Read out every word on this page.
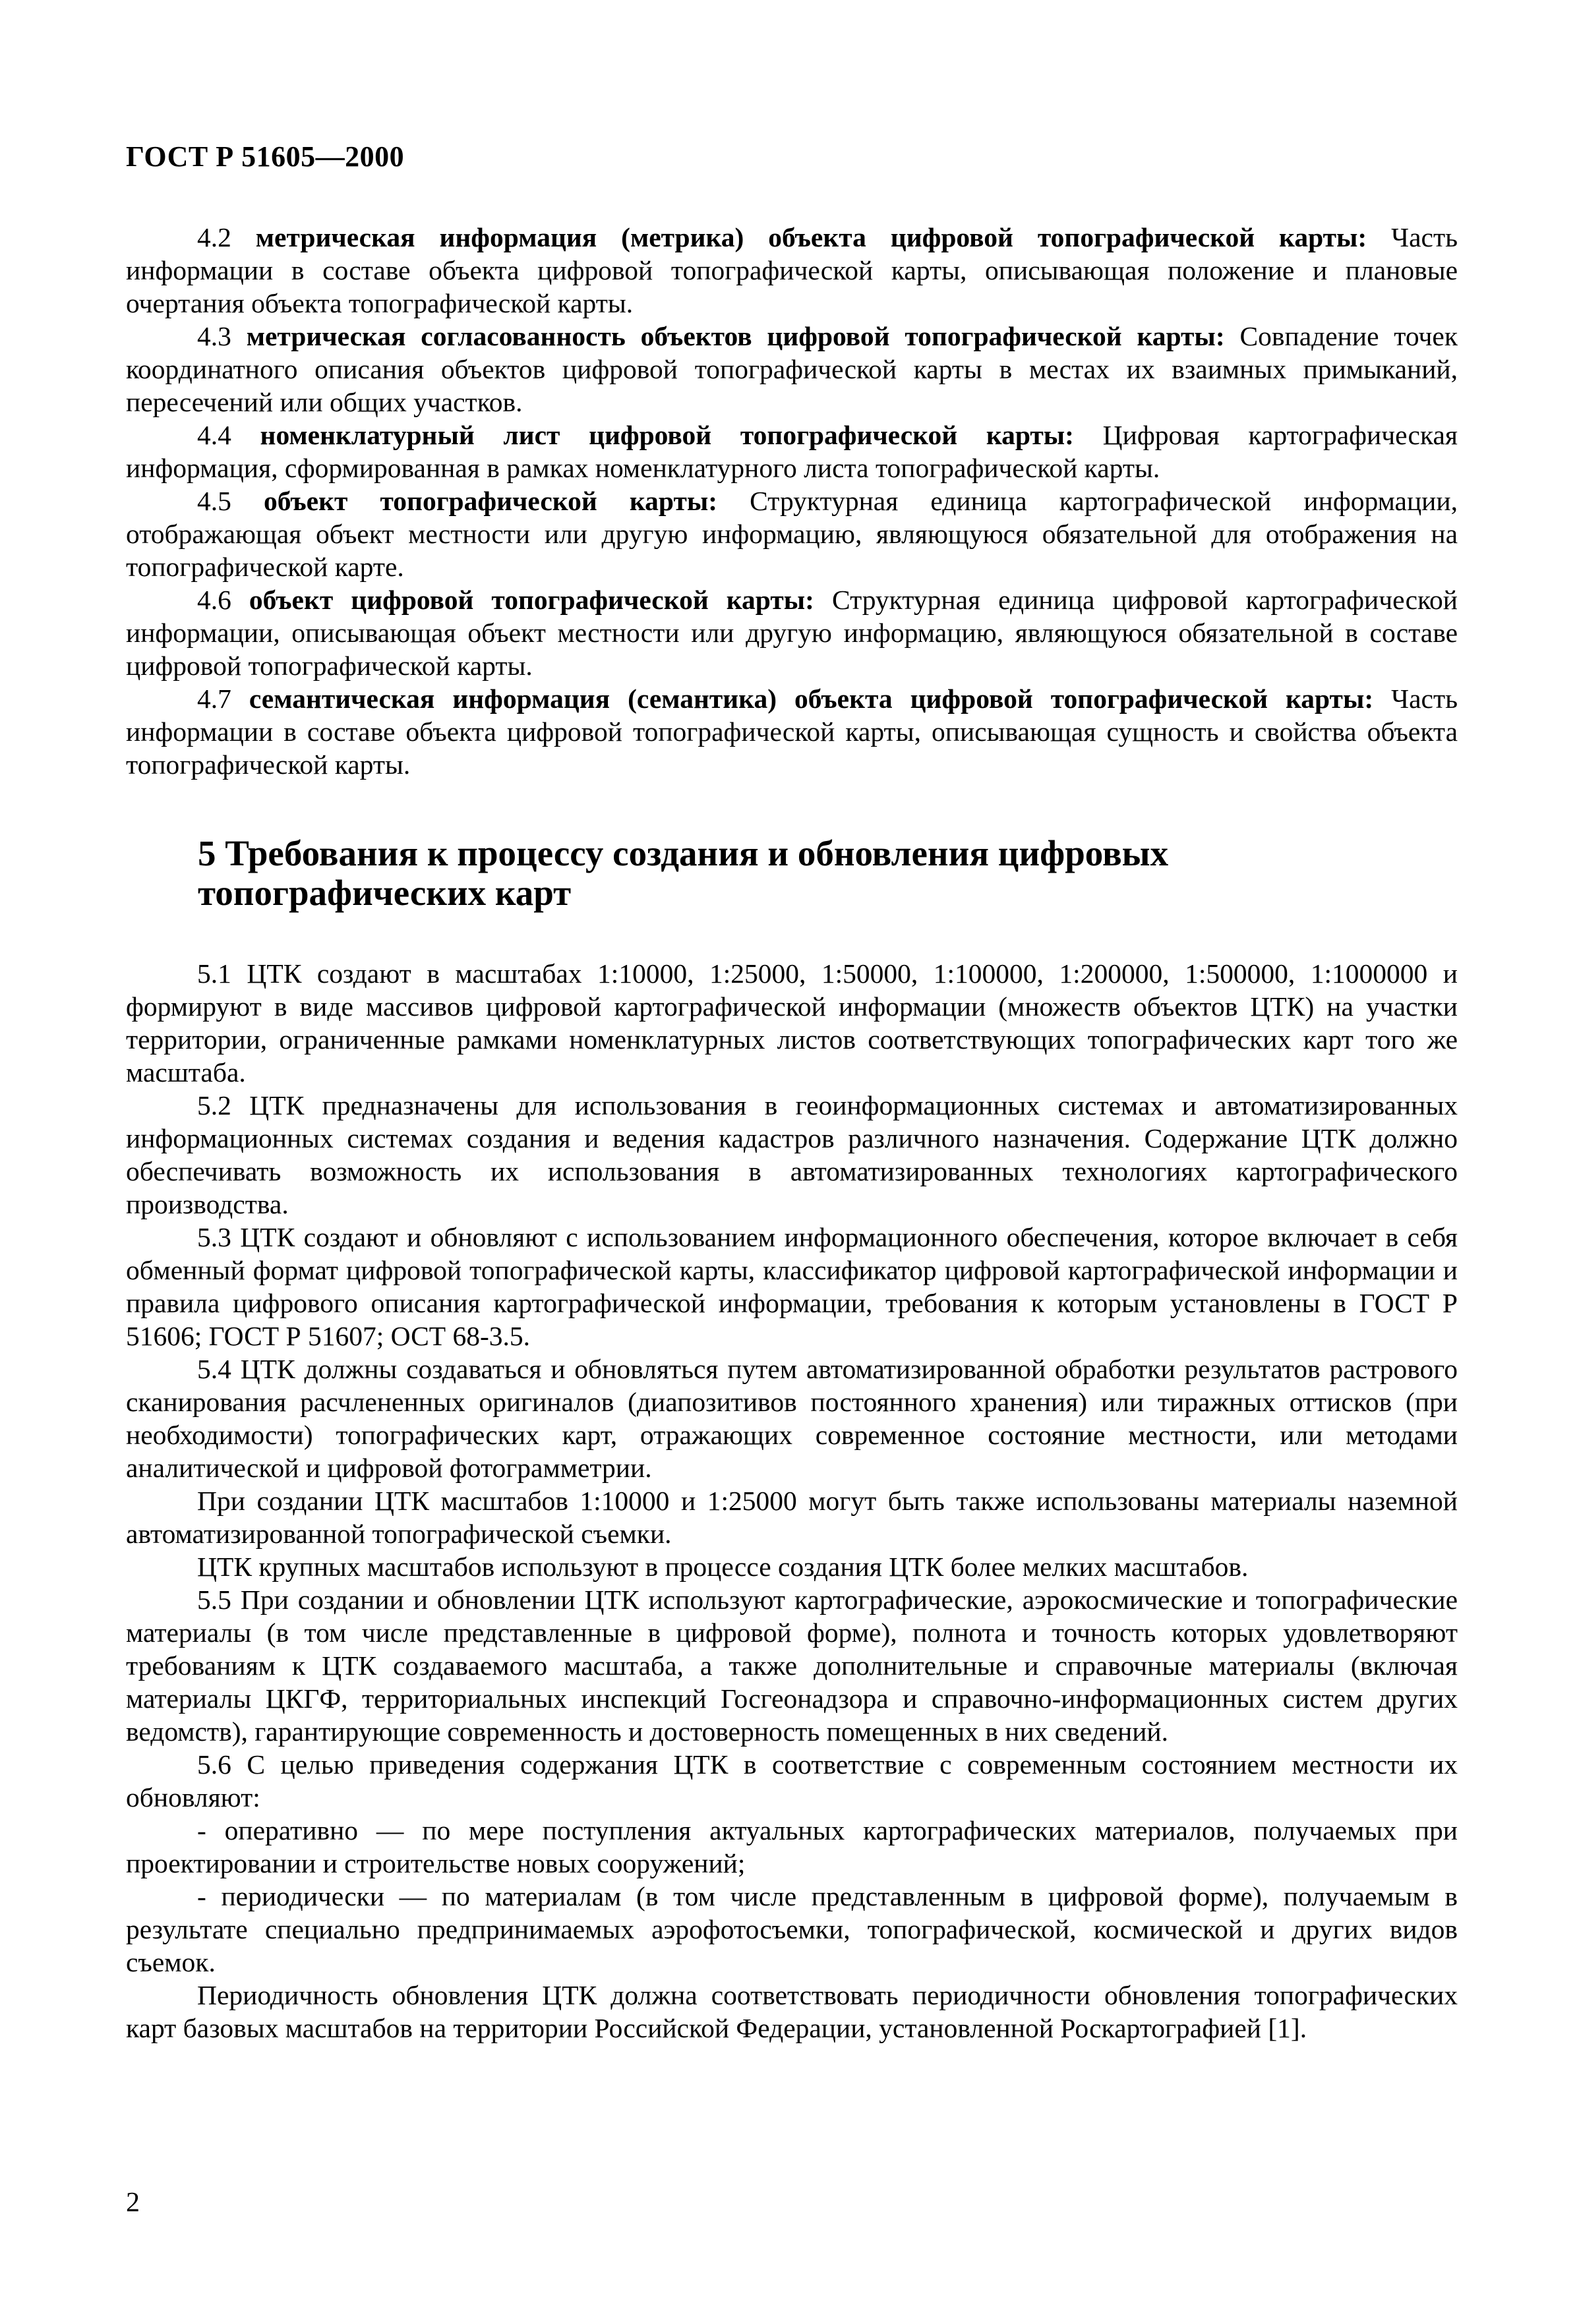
ГОСТ Р 51605—2000

4.2 метрическая информация (метрика) объекта цифровой топографической карты: Часть информации в составе объекта цифровой топографической карты, описывающая положение и плановые очертания объекта топографической карты.

4.3 метрическая согласованность объектов цифровой топографической карты: Совпадение точек координатного описания объектов цифровой топографической карты в местах их взаимных примыканий, пересечений или общих участков.

4.4 номенклатурный лист цифровой топографической карты: Цифровая картографическая информация, сформированная в рамках номенклатурного листа топографической карты.

4.5 объект топографической карты: Структурная единица картографической информации, отображающая объект местности или другую информацию, являющуюся обязательной для отображения на топографической карте.

4.6 объект цифровой топографической карты: Структурная единица цифровой картографической информации, описывающая объект местности или другую информацию, являющуюся обязательной в составе цифровой топографической карты.

4.7 семантическая информация (семантика) объекта цифровой топографической карты: Часть информации в составе объекта цифровой топографической карты, описывающая сущность и свойства объекта топографической карты.

5 Требования к процессу создания и обновления цифровых топографических карт

5.1 ЦТК создают в масштабах 1:10000, 1:25000, 1:50000, 1:100000, 1:200000, 1:500000, 1:1000000 и формируют в виде массивов цифровой картографической информации (множеств объектов ЦТК) на участки территории, ограниченные рамками номенклатурных листов соответствующих топографических карт того же масштаба.

5.2 ЦТК предназначены для использования в геоинформационных системах и автоматизированных информационных системах создания и ведения кадастров различного назначения. Содержание ЦТК должно обеспечивать возможность их использования в автоматизированных технологиях картографического производства.

5.3 ЦТК создают и обновляют с использованием информационного обеспечения, которое включает в себя обменный формат цифровой топографической карты, классификатор цифровой картографической информации и правила цифрового описания картографической информации, требования к которым установлены в ГОСТ Р 51606; ГОСТ Р 51607; ОСТ 68-3.5.

5.4 ЦТК должны создаваться и обновляться путем автоматизированной обработки результатов растрового сканирования расчлененных оригиналов (диапозитивов постоянного хранения) или тиражных оттисков (при необходимости) топографических карт, отражающих современное состояние местности, или методами аналитической и цифровой фотограмметрии.

При создании ЦТК масштабов 1:10000 и 1:25000 могут быть также использованы материалы наземной автоматизированной топографической съемки.

ЦТК крупных масштабов используют в процессе создания ЦТК более мелких масштабов.

5.5 При создании и обновлении ЦТК используют картографические, аэрокосмические и топографические материалы (в том числе представленные в цифровой форме), полнота и точность которых удовлетворяют требованиям к ЦТК создаваемого масштаба, а также дополнительные и справочные материалы (включая материалы ЦКГФ, территориальных инспекций Госгеонадзора и справочно-информационных систем других ведомств), гарантирующие современность и достоверность помещенных в них сведений.

5.6 С целью приведения содержания ЦТК в соответствие с современным состоянием местности их обновляют:

- оперативно — по мере поступления актуальных картографических материалов, получаемых при проектировании и строительстве новых сооружений;

- периодически — по материалам (в том числе представленным в цифровой форме), получаемым в результате специально предпринимаемых аэрофотосъемки, топографической, космической и других видов съемок.

Периодичность обновления ЦТК должна соответствовать периодичности обновления топографических карт базовых масштабов на территории Российской Федерации, установленной Роскартографией [1].

2
